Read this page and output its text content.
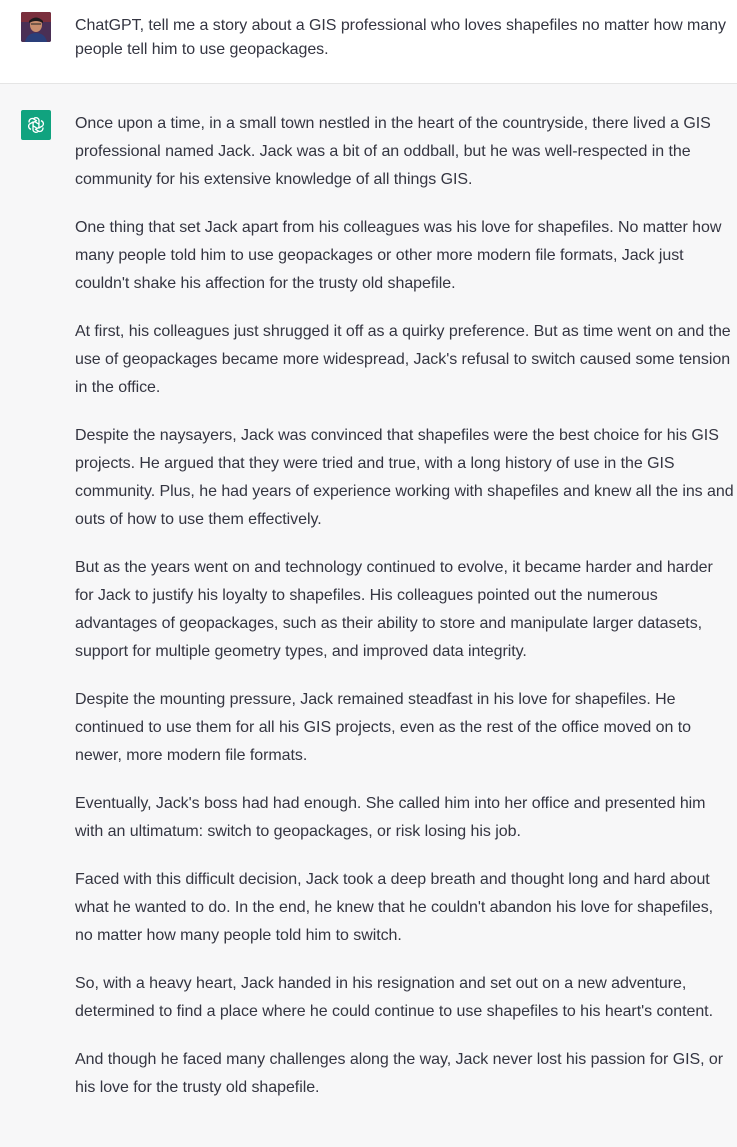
ChatGPT, tell me a story about a GIS professional who loves shapefiles no matter how many people tell him to use geopackages.

Once upon a time, in a small town nestled in the heart of the countryside, there lived a GIS professional named Jack. Jack was a bit of an oddball, but he was well-respected in the community for his extensive knowledge of all things GIS.

One thing that set Jack apart from his colleagues was his love for shapefiles. No matter how many people told him to use geopackages or other more modern file formats, Jack just couldn't shake his affection for the trusty old shapefile.

At first, his colleagues just shrugged it off as a quirky preference. But as time went on and the use of geopackages became more widespread, Jack's refusal to switch caused some tension in the office.

Despite the naysayers, Jack was convinced that shapefiles were the best choice for his GIS projects. He argued that they were tried and true, with a long history of use in the GIS community. Plus, he had years of experience working with shapefiles and knew all the ins and outs of how to use them effectively.

But as the years went on and technology continued to evolve, it became harder and harder for Jack to justify his loyalty to shapefiles. His colleagues pointed out the numerous advantages of geopackages, such as their ability to store and manipulate larger datasets, support for multiple geometry types, and improved data integrity.

Despite the mounting pressure, Jack remained steadfast in his love for shapefiles. He continued to use them for all his GIS projects, even as the rest of the office moved on to newer, more modern file formats.

Eventually, Jack's boss had had enough. She called him into her office and presented him with an ultimatum: switch to geopackages, or risk losing his job.

Faced with this difficult decision, Jack took a deep breath and thought long and hard about what he wanted to do. In the end, he knew that he couldn't abandon his love for shapefiles, no matter how many people told him to switch.

So, with a heavy heart, Jack handed in his resignation and set out on a new adventure, determined to find a place where he could continue to use shapefiles to his heart's content.

And though he faced many challenges along the way, Jack never lost his passion for GIS, or his love for the trusty old shapefile.
